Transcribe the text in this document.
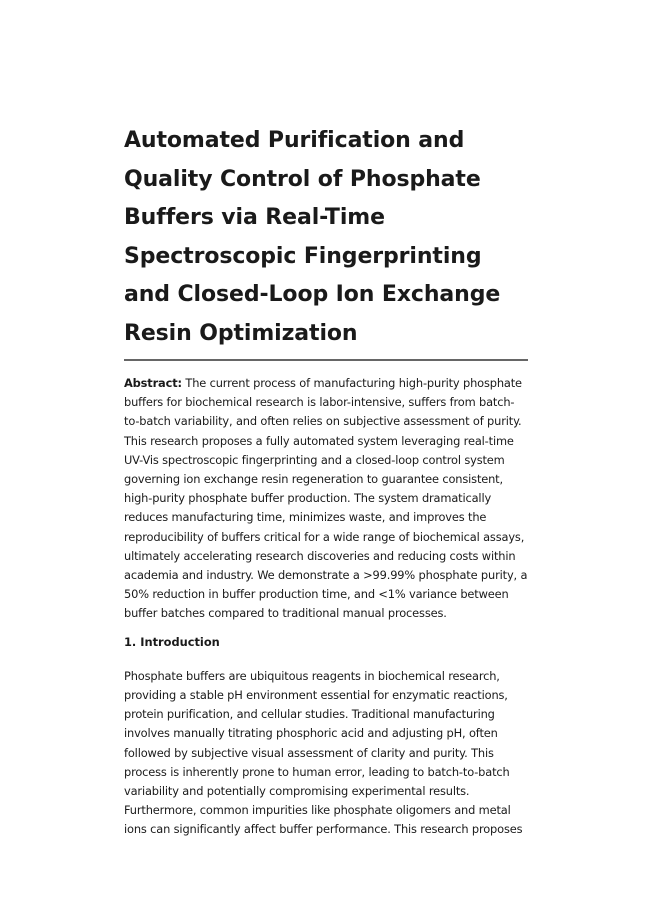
Automated Purification and Quality Control of Phosphate Buffers via Real-Time Spectroscopic Fingerprinting and Closed-Loop Ion Exchange Resin Optimization

Abstract: The current process of manufacturing high-purity phosphate buffers for biochemical research is labor-intensive, suffers from batch-to-batch variability, and often relies on subjective assessment of purity. This research proposes a fully automated system leveraging real-time UV-Vis spectroscopic fingerprinting and a closed-loop control system governing ion exchange resin regeneration to guarantee consistent, high-purity phosphate buffer production. The system dramatically reduces manufacturing time, minimizes waste, and improves the reproducibility of buffers critical for a wide range of biochemical assays, ultimately accelerating research discoveries and reducing costs within academia and industry. We demonstrate a >99.99% phosphate purity, a 50% reduction in buffer production time, and <1% variance between buffer batches compared to traditional manual processes.

1. Introduction

Phosphate buffers are ubiquitous reagents in biochemical research, providing a stable pH environment essential for enzymatic reactions, protein purification, and cellular studies. Traditional manufacturing involves manually titrating phosphoric acid and adjusting pH, often followed by subjective visual assessment of clarity and purity. This process is inherently prone to human error, leading to batch-to-batch variability and potentially compromising experimental results. Furthermore, common impurities like phosphate oligomers and metal ions can significantly affect buffer performance. This research proposes
